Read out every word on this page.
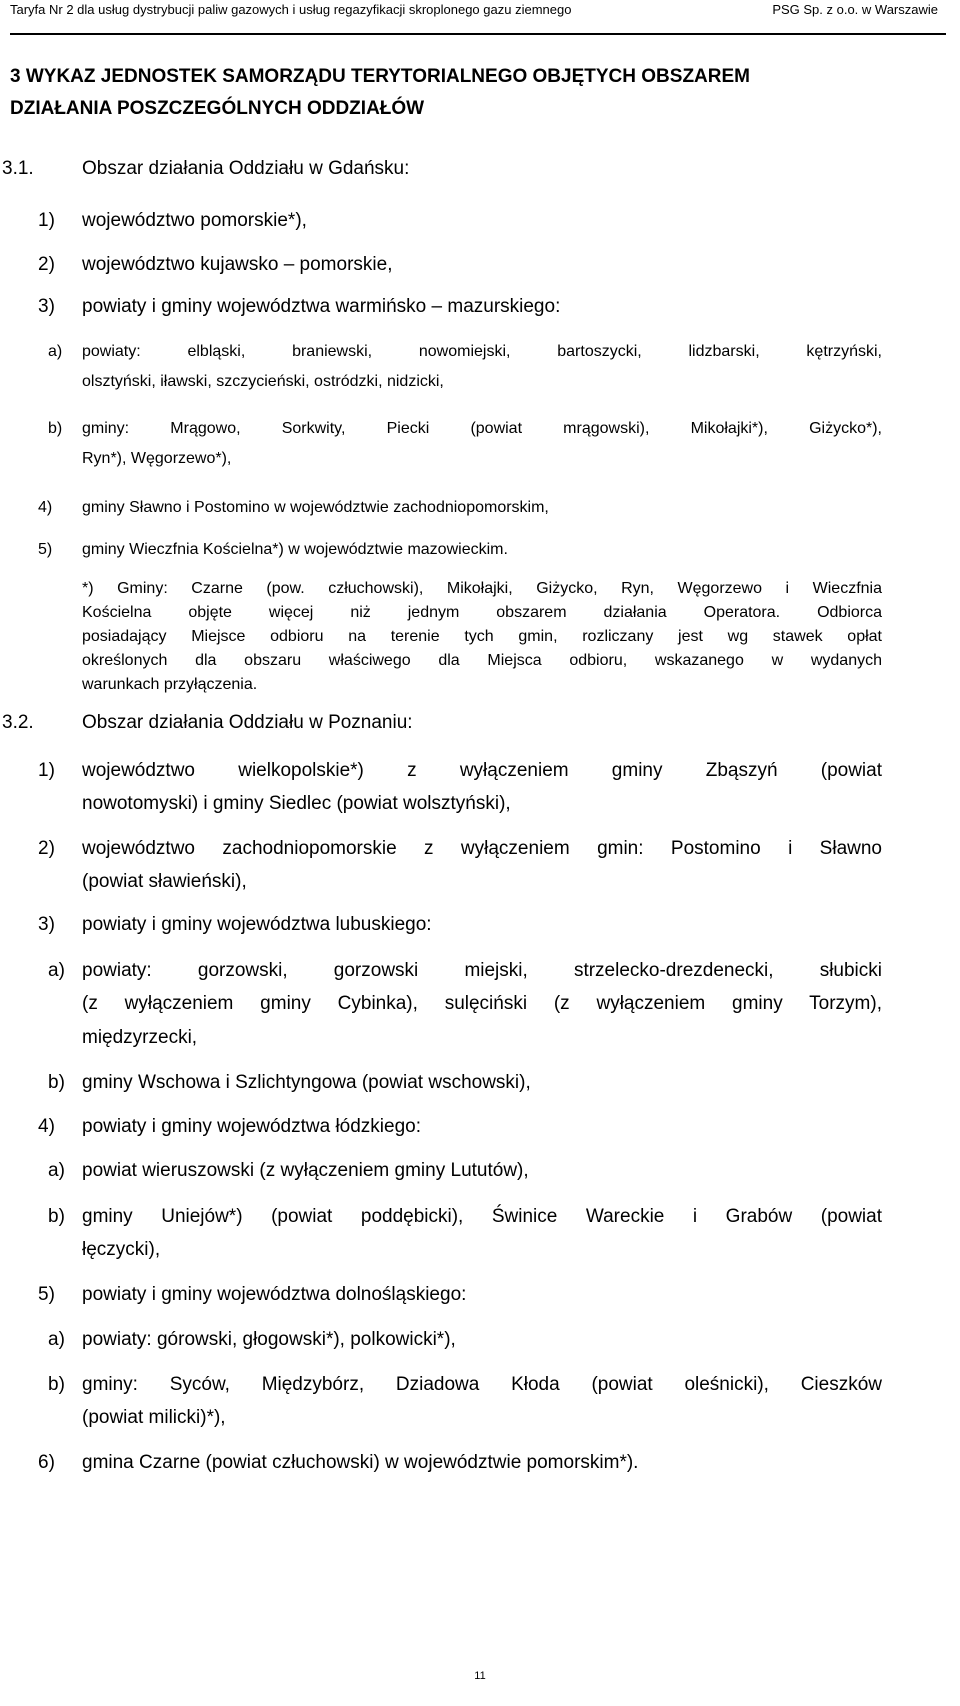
Taryfa Nr 2 dla usług dystrybucji paliw gazowych i usług regazyfikacji skroplonego gazu ziemnego	PSG Sp. z o.o. w Warszawie
3 WYKAZ JEDNOSTEK SAMORZĄDU TERYTORIALNEGO OBJĘTYCH OBSZAREM
DZIAŁANIA POSZCZEGÓLNYCH ODDZIAŁÓW
3.1.	Obszar działania Oddziału w Gdańsku:
1) województwo pomorskie*),
2) województwo kujawsko – pomorskie,
3) powiaty i gminy województwa warmińsko – mazurskiego:
a) powiaty: elbląski, braniewski, nowomiejski, bartoszycki, lidzbarski, kętrzyński,
olsztyński, iławski, szczycieński, ostródzki, nidzicki,
b) gminy: Mrągowo, Sorkwity, Piecki (powiat mrągowski), Mikołajki*), Giżycko*),
Ryn*), Węgorzewo*),
4) gminy Sławno i Postomino w województwie zachodniopomorskim,
5) gminy Wieczfnia Kościelna*) w województwie mazowieckim.
*) Gminy: Czarne (pow. człuchowski), Mikołajki, Giżycko, Ryn, Węgorzewo i Wieczfnia
Kościelna objęte więcej niż jednym obszarem działania Operatora. Odbiorca
posiadający Miejsce odbioru na terenie tych gmin, rozliczany jest wg stawek opłat
określonych dla obszaru właściwego dla Miejsca odbioru, wskazanego w wydanych
warunkach przyłączenia.
3.2.	Obszar działania Oddziału w Poznaniu:
1) województwo wielkopolskie*) z wyłączeniem gminy Zbąszyń (powiat
nowotomyski) i gminy Siedlec (powiat wolsztyński),
2) województwo zachodniopomorskie z wyłączeniem gmin: Postomino i Sławno
(powiat sławieński),
3) powiaty i gminy województwa lubuskiego:
a) powiaty: gorzowski, gorzowski miejski, strzelecko-drezdenecki, słubicki
(z wyłączeniem gminy Cybinka), sulęciński (z wyłączeniem gminy Torzym),
międzyrzecki,
b) gminy Wschowa i Szlichtyngowa (powiat wschowski),
4) powiaty i gminy województwa łódzkiego:
a) powiat wieruszowski (z wyłączeniem gminy Lututów),
b) gminy Uniejów*) (powiat poddębicki), Świnice Wareckie i Grabów (powiat
łęczycki),
5) powiaty i gminy województwa dolnośląskiego:
a) powiaty: górowski, głogowski*), polkowicki*),
b) gminy: Syców, Międzybórz, Dziadowa Kłoda (powiat oleśnicki), Cieszków
(powiat milicki)*),
6) gmina Czarne (powiat człuchowski) w województwie pomorskim*).
11
